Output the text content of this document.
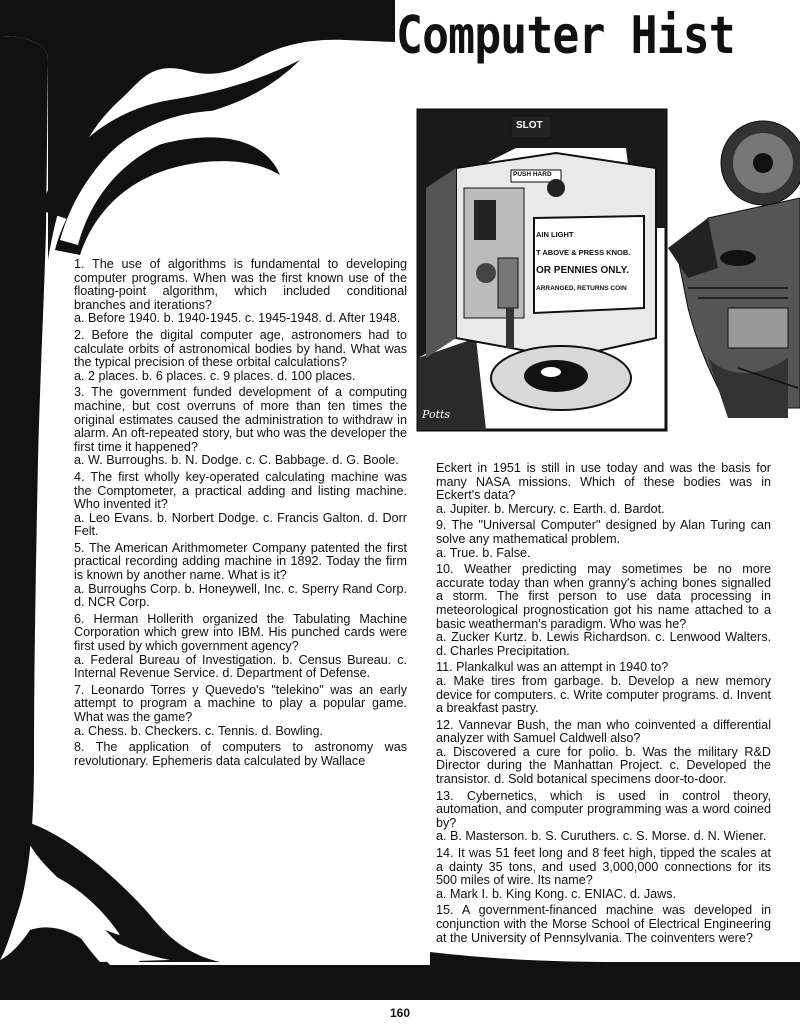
Computer Hist
SLOT
PUSH HARD
AIN LIGHT
T ABOVE & PRESS KNOB.
OR PENNIES ONLY.
ARRANGED, RETURNS COIN
Potts
1. The use of algorithms is fundamental to developing computer programs. When was the first known use of the floating-point algorithm, which included conditional branches and iterations?
a. Before 1940. b. 1940-1945. c. 1945-1948. d. After 1948.
2. Before the digital computer age, astronomers had to calculate orbits of astronomical bodies by hand. What was the typical precision of these orbital calculations?
a. 2 places. b. 6 places. c. 9 places. d. 100 places.
3. The government funded development of a computing machine, but cost overruns of more than ten times the original estimates caused the administration to withdraw in alarm. An oft-repeated story, but who was the developer the first time it happened?
a. W. Burroughs. b. N. Dodge. c. C. Babbage. d. G. Boole.
4. The first wholly key-operated calculating machine was the Comptometer, a practical adding and listing machine. Who invented it?
a. Leo Evans. b. Norbert Dodge. c. Francis Galton. d. Dorr Felt.
5. The American Arithmometer Company patented the first practical recording adding machine in 1892. Today the firm is known by another name. What is it?
a. Burroughs Corp. b. Honeywell, Inc. c. Sperry Rand Corp. d. NCR Corp.
6. Herman Hollerith organized the Tabulating Machine Corporation which grew into IBM. His punched cards were first used by which government agency?
a. Federal Bureau of Investigation. b. Census Bureau. c. Internal Revenue Service. d. Department of Defense.
7. Leonardo Torres y Quevedo's "telekino" was an early attempt to program a machine to play a popular game. What was the game?
a. Chess. b. Checkers. c. Tennis. d. Bowling.
8. The application of computers to astronomy was revolutionary. Ephemeris data calculated by Wallace
Eckert in 1951 is still in use today and was the basis for many NASA missions. Which of these bodies was in Eckert's data?
a. Jupiter. b. Mercury. c. Earth. d. Bardot.
9. The "Universal Computer" designed by Alan Turing can solve any mathematical problem.
a. True. b. False.
10. Weather predicting may sometimes be no more accurate today than when granny's aching bones signalled a storm. The first person to use data processing in meteorological prognostication got his name attached to a basic weatherman's paradigm. Who was he?
a. Zucker Kurtz. b. Lewis Richardson. c. Lenwood Walters. d. Charles Precipitation.
11. Plankalkul was an attempt in 1940 to?
a. Make tires from garbage. b. Develop a new memory device for computers. c. Write computer programs. d. Invent a breakfast pastry.
12. Vannevar Bush, the man who coinvented a differential analyzer with Samuel Caldwell also?
a. Discovered a cure for polio. b. Was the military R&D Director during the Manhattan Project. c. Developed the transistor. d. Sold botanical specimens door-to-door.
13. Cybernetics, which is used in control theory, automation, and computer programming was a word coined by?
a. B. Masterson. b. S. Curuthers. c. S. Morse. d. N. Wiener.
14. It was 51 feet long and 8 feet high, tipped the scales at a dainty 35 tons, and used 3,000,000 connections for its 500 miles of wire. Its name?
a. Mark I. b. King Kong. c. ENIAC. d. Jaws.
15. A government-financed machine was developed in conjunction with the Morse School of Electrical Engineering at the University of Pennsylvania. The coinventers were?
160
